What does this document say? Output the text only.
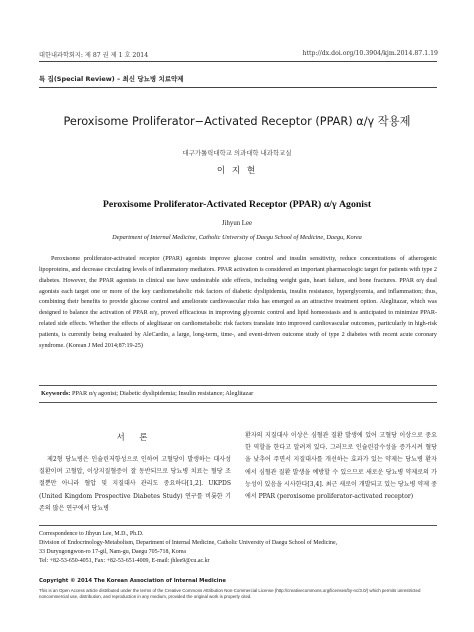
대한내과학회지: 제 87 권 제 1 호 2014	http://dx.doi.org/10.3904/kjm.2014.87.1.19
특 집(Special Review) – 최신 당뇨병 치료약제
Peroxisome Proliferator−Activated Receptor (PPAR) α/γ 작용제
대구가톨릭대학교 의과대학 내과학교실
이 지 현
Peroxisome Proliferator-Activated Receptor (PPAR) α/γ Agonist
Jihyun Lee
Department of Internal Medicine, Catholic University of Daegu School of Medicine, Daegu, Korea
Peroxisome proliferator-activated receptor (PPAR) agonists improve glucose control and insulin sensitivity, reduce concentrations of atherogenic lipoproteins, and decrease circulating levels of inflammatory mediators. PPAR activation is considered an important pharmacologic target for patients with type 2 diabetes. However, the PPAR agonists in clinical use have undesirable side effects, including weight gain, heart failure, and bone fractures. PPAR α/γ dual agonists each target one or more of the key cardiometabolic risk factors of diabetic dyslipidemia, insulin resistance, hyperglycemia, and inflammation; thus, combining their benefits to provide glucose control and ameliorate cardiovascular risks has emerged as an attractive treatment option. Aleglitazar, which was designed to balance the activation of PPAR α/γ, proved efficacious in improving glycemic control and lipid homeostasis and is anticipated to minimize PPAR-related side effects. Whether the effects of aleglitazar on cardiometabolic risk factors translate into improved cardiovascular outcomes, particularly in high-risk patients, is currently being evaluated by AleCardio, a large, long-term, time-, and event-driven outcome study of type 2 diabetes with recent acute coronary syndrome. (Korean J Med 2014;87:19-25)
Keywords: PPAR α/γ agonist; Diabetic dyslipidemia; Insulin resistance; Aleglitazar
서 론
제2형 당뇨병은 인슐린저항성으로 인하여 고혈당이 발생하는 대사성 질환이며 고혈압, 이상지질혈증이 잘 동반되므로 당뇨병 치료는 혈당 조절뿐만 아니라 혈압 및 지질대사 관리도 중요하다[1,2]. UKPDS (United Kingdom Prospective Diabetes Study) 연구를 비롯한 기존의 많은 연구에서 당뇨병
환자의 지질대사 이상은 심혈관 질환 발생에 있어 고혈당 이상으로 중요한 역할을 한다고 알려져 있다. 그러므로 인슐린감수성을 증가시켜 혈당을 낮추어 주면서 지질대사를 개선하는 효과가 있는 약제는 당뇨병 환자에서 심혈관 질환 발생을 예방할 수 있으므로 새로운 당뇨병 약제로의 가능성이 있음을 시사한다[3,4]. 최근 새로이 개발되고 있는 당뇨병 약제 중에서 PPAR (peroxisome proliferator-activated receptor)
Correspondence to Jihyun Lee, M.D., Ph.D.
Division of Endocrinology-Metabolism, Department of Internal Medicine, Catholic University of Daegu School of Medicine,
33 Duryugongwon-ro 17-gil, Nam-gu, Daegu 705-718, Korea
Tel: +82-53-650-4051, Fax: +82-53-651-4009, E-mail: jhlee9@cu.ac.kr
Copyright © 2014 The Korean Association of Internal Medicine
This is an Open Access article distributed under the terms of the Creative Commons Attribution Non-Commercial License (http://creativecommons.org/licenses/by-nc/3.0/) which permits unrestricted noncommercial use, distribution, and reproduction in any medium, provided the original work is properly cited.
